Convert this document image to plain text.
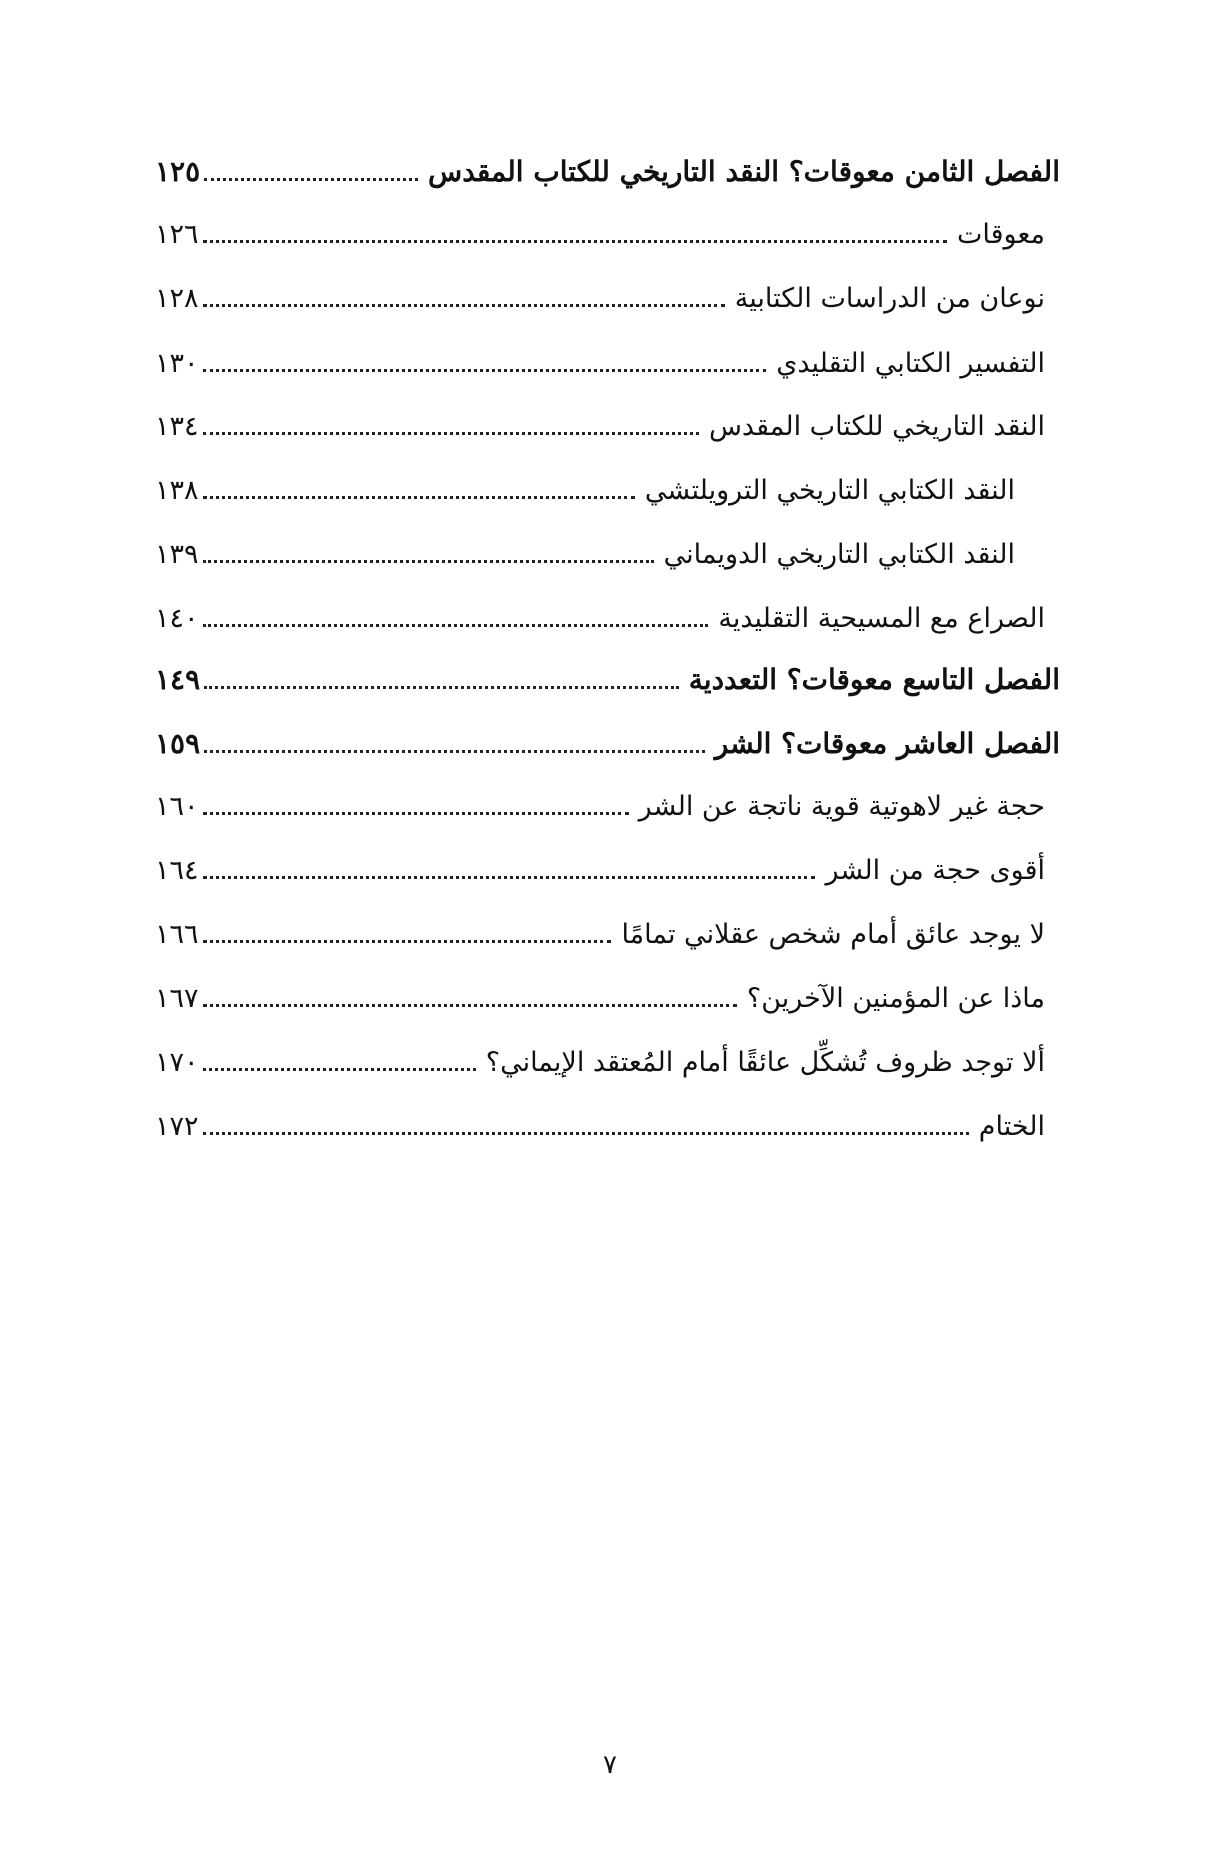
الفصل الثامن معوقات؟ النقد التاريخي للكتاب المقدس
١٢٥
معوقات
١٢٦
نوعان من الدراسات الكتابية
١٢٨
التفسير الكتابي التقليدي
١٣٠
النقد التاريخي للكتاب المقدس
١٣٤
النقد الكتابي التاريخي الترويلتشي
١٣٨
النقد الكتابي التاريخي الدويماني
١٣٩
الصراع مع المسيحية التقليدية
١٤٠
الفصل التاسع معوقات؟ التعددية
١٤٩
الفصل العاشر معوقات؟ الشر
١٥٩
حجة غير لاهوتية قوية ناتجة عن الشر
١٦٠
أقوى حجة من الشر
١٦٤
لا يوجد عائق أمام شخص عقلاني تمامًا
١٦٦
ماذا عن المؤمنين الآخرين؟
١٦٧
ألا توجد ظروف تُشكِّل عائقًا أمام المُعتقد الإيماني؟
١٧٠
الختام
١٧٢
٧
